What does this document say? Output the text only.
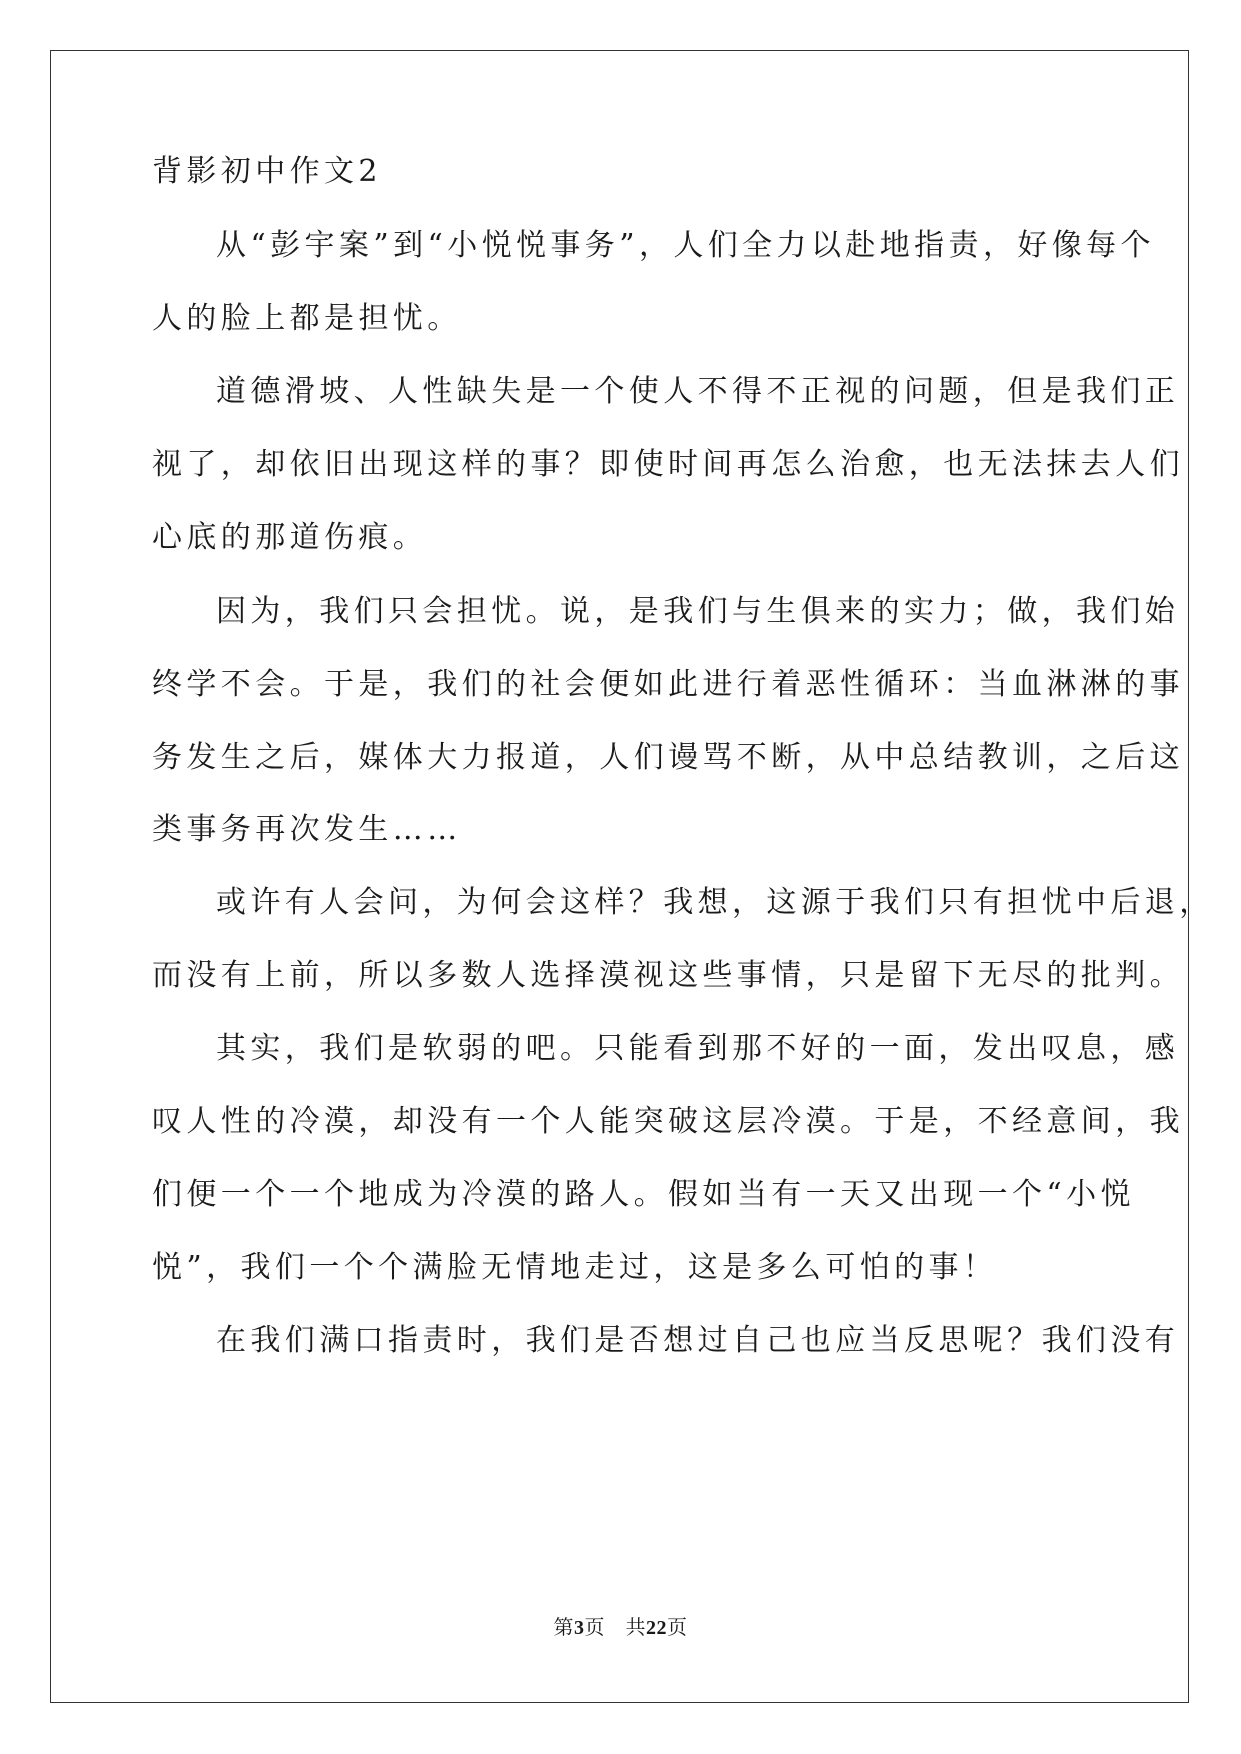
背影初中作文2
从“彭宇案”到“小悦悦事务”，人们全力以赴地指责，好像每个
人的脸上都是担忧。
道德滑坡、人性缺失是一个使人不得不正视的问题，但是我们正
视了，却依旧出现这样的事？即使时间再怎么治愈，也无法抹去人们
心底的那道伤痕。
因为，我们只会担忧。说，是我们与生俱来的实力；做，我们始
终学不会。于是，我们的社会便如此进行着恶性循环：当血淋淋的事
务发生之后，媒体大力报道，人们谩骂不断，从中总结教训，之后这
类事务再次发生……
或许有人会问，为何会这样？我想，这源于我们只有担忧中后退，
而没有上前，所以多数人选择漠视这些事情，只是留下无尽的批判。
其实，我们是软弱的吧。只能看到那不好的一面，发出叹息，感
叹人性的冷漠，却没有一个人能突破这层冷漠。于是，不经意间，我
们便一个一个地成为冷漠的路人。假如当有一天又出现一个“小悦
悦”，我们一个个满脸无情地走过，这是多么可怕的事！
在我们满口指责时，我们是否想过自己也应当反思呢？我们没有
第3页　共22页
